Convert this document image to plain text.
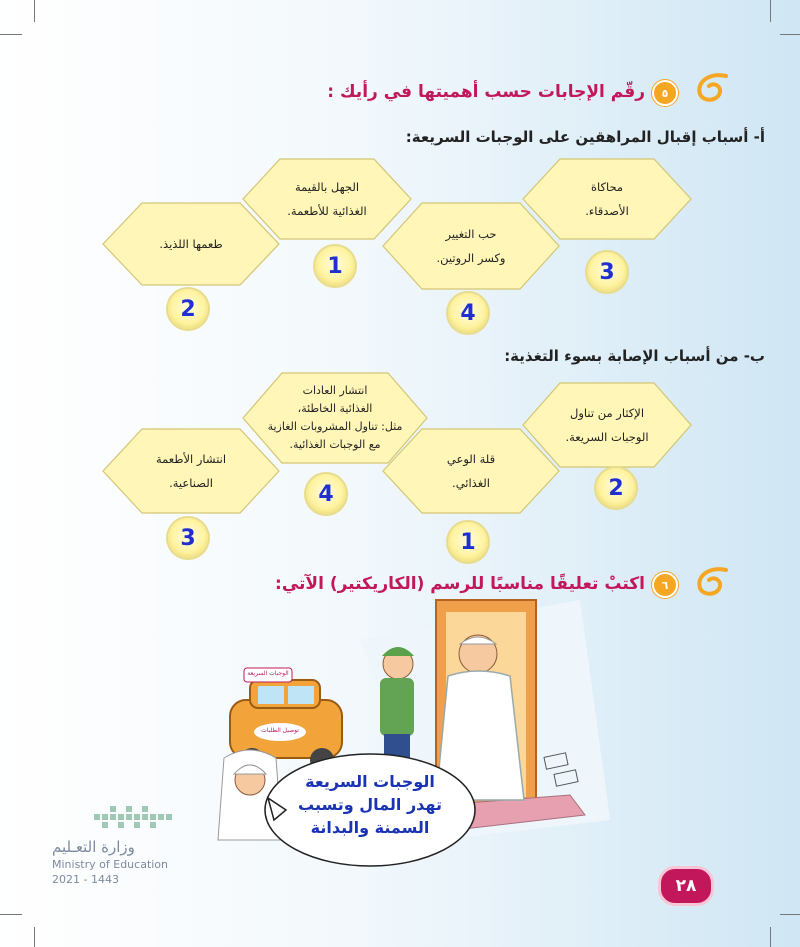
٥
رقّم الإجابات حسب أهميتها في رأيك :
أ- أسباب إقبال المراهقين على الوجبات السريعة:
محاكاة
الأصدقاء.
3
الجهل بالقيمة
الغذائية للأطعمة.
1
حب التغيير
وكسر الروتين.
4
طعمها اللذيذ.
2
ب- من أسباب الإصابة بسوء التغذية:
الإكثار من تناول
الوجبات السريعة.
2
انتشار العادات
الغذائية الخاطئة،
مثل: تناول المشروبات الغازية
مع الوجبات الغذائية.
4
قلة الوعي
الغذائي.
1
انتشار الأطعمة
الصناعية.
3
٦
اكتبْ تعليقًا مناسبًا للرسم (الكاريكتير) الآتي:
الوجبات السريعة
توصيل الطلبات
الوجبات السريعة
تهدر المال وتسبب
السمنة والبدانة
وزارة التعـليم
Ministry of Education
2021 - 1443	٢٨
